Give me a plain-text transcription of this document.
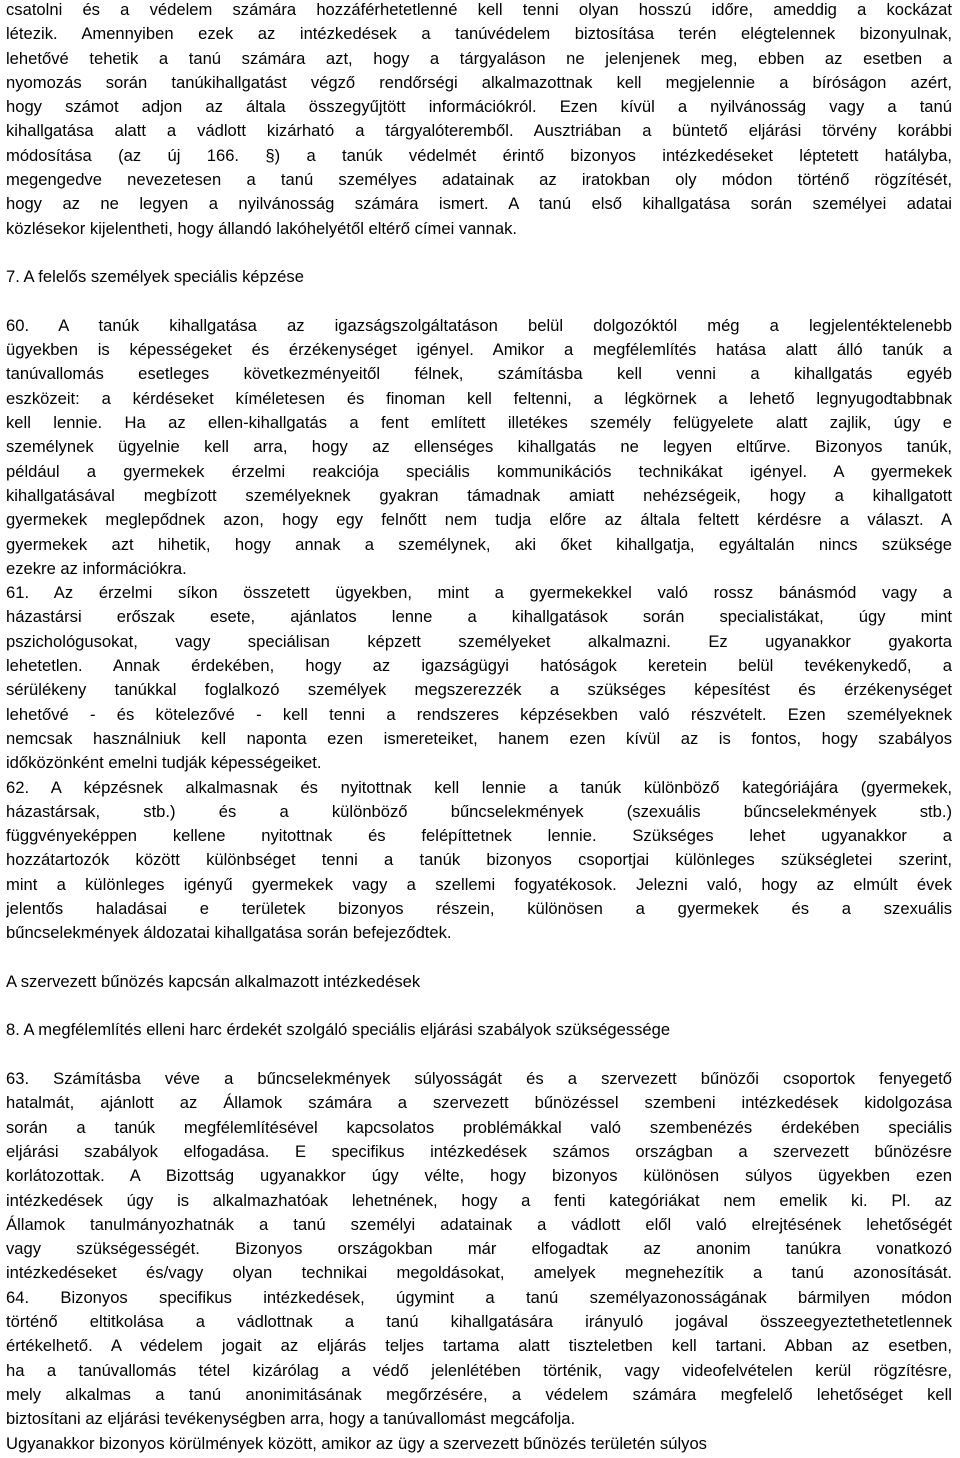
csatolni és a védelem számára hozzáférhetetlenné kell tenni olyan hosszú időre, ameddig a kockázat
létezik. Amennyiben ezek az intézkedések a tanúvédelem biztosítása terén elégtelennek bizonyulnak,
lehetővé tehetik a tanú számára azt, hogy a tárgyaláson ne jelenjenek meg, ebben az esetben a
nyomozás során tanúkihallgatást végző rendőrségi alkalmazottnak kell megjelennie a bíróságon azért,
hogy számot adjon az általa összegyűjtött információkról. Ezen kívül a nyilvánosság vagy a tanú
kihallgatása alatt a vádlott kizárható a tárgyalóteremből. Ausztriában a büntető eljárási törvény korábbi
módosítása (az új 166. §) a tanúk védelmét érintő bizonyos intézkedéseket léptetett hatályba,
megengedve nevezetesen a tanú személyes adatainak az iratokban oly módon történő rögzítését,
hogy az ne legyen a nyilvánosság számára ismert. A tanú első kihallgatása során személyei adatai
közlésekor kijelentheti, hogy állandó lakóhelyétől eltérő címei vannak.
7. A felelős személyek speciális képzése
60. A tanúk kihallgatása az igazságszolgáltatáson belül dolgozóktól még a legjelentéktelenebb
ügyekben is képességeket és érzékenységet igényel. Amikor a megfélemlítés hatása alatt álló tanúk a
tanúvallomás esetleges következményeitől félnek, számításba kell venni a kihallgatás egyéb
eszközeit: a kérdéseket kíméletesen és finoman kell feltenni, a légkörnek a lehető legnyugodtabbnak
kell lennie. Ha az ellen-kihallgatás a fent említett illetékes személy felügyelete alatt zajlik, úgy e
személynek ügyelnie kell arra, hogy az ellenséges kihallgatás ne legyen eltűrve. Bizonyos tanúk,
például a gyermekek érzelmi reakciója speciális kommunikációs technikákat igényel. A gyermekek
kihallgatásával megbízott személyeknek gyakran támadnak amiatt nehézségeik, hogy a kihallgatott
gyermekek meglepődnek azon, hogy egy felnőtt nem tudja előre az általa feltett kérdésre a választ. A
gyermekek azt hihetik, hogy annak a személynek, aki őket kihallgatja, egyáltalán nincs szüksége
ezekre az információkra.
61. Az érzelmi síkon összetett ügyekben, mint a gyermekekkel való rossz bánásmód vagy a
házastársi erőszak esete, ajánlatos lenne a kihallgatások során specialistákat, úgy mint
pszichológusokat, vagy speciálisan képzett személyeket alkalmazni. Ez ugyanakkor gyakorta
lehetetlen. Annak érdekében, hogy az igazságügyi hatóságok keretein belül tevékenykedő, a
sérülékeny tanúkkal foglalkozó személyek megszerezzék a szükséges képesítést és érzékenységet
lehetővé - és kötelezővé - kell tenni a rendszeres képzésekben való részvételt. Ezen személyeknek
nemcsak használniuk kell naponta ezen ismereteiket, hanem ezen kívül az is fontos, hogy szabályos
időközönként emelni tudják képességeiket.
62. A képzésnek alkalmasnak és nyitottnak kell lennie a tanúk különböző kategóriájára (gyermekek,
házastársak, stb.) és a különböző bűncselekmények (szexuális bűncselekmények stb.)
függvényeképpen kellene nyitottnak és felépíttetnek lennie. Szükséges lehet ugyanakkor a
hozzátartozók között különbséget tenni a tanúk bizonyos csoportjai különleges szükségletei szerint,
mint a különleges igényű gyermekek vagy a szellemi fogyatékosok. Jelezni való, hogy az elmúlt évek
jelentős haladásai e területek bizonyos részein, különösen a gyermekek és a szexuális
bűncselekmények áldozatai kihallgatása során befejeződtek.
A szervezett bűnözés kapcsán alkalmazott intézkedések
8. A megfélemlítés elleni harc érdekét szolgáló speciális eljárási szabályok szükségessége
63. Számításba véve a bűncselekmények súlyosságát és a szervezett bűnözői csoportok fenyegető
hatalmát, ajánlott az Államok számára a szervezett bűnözéssel szembeni intézkedések kidolgozása
során a tanúk megfélemlítésével kapcsolatos problémákkal való szembenézés érdekében speciális
eljárási szabályok elfogadása. E specifikus intézkedések számos országban a szervezett bűnözésre
korlátozottak. A Bizottság ugyanakkor úgy vélte, hogy bizonyos különösen súlyos ügyekben ezen
intézkedések úgy is alkalmazhatóak lehetnének, hogy a fenti kategóriákat nem emelik ki. Pl. az
Államok tanulmányozhatnák a tanú személyi adatainak a vádlott elől való elrejtésének lehetőségét
vagy szükségességét. Bizonyos országokban már elfogadtak az anonim tanúkra vonatkozó
intézkedéseket és/vagy olyan technikai megoldásokat, amelyek megnehezítik a tanú azonosítását.
64. Bizonyos specifikus intézkedések, úgymint a tanú személyazonosságának bármilyen módon
történő eltitkolása a vádlottnak a tanú kihallgatására irányuló jogával összeegyeztethetetlennek
értékelhető. A védelem jogait az eljárás teljes tartama alatt tiszteletben kell tartani. Abban az esetben,
ha a tanúvallomás tétel kizárólag a védő jelenlétében történik, vagy videofelvételen kerül rögzítésre,
mely alkalmas a tanú anonimitásának megőrzésére, a védelem számára megfelelő lehetőséget kell
biztosítani az eljárási tevékenységben arra, hogy a tanúvallomást megcáfolja.
Ugyanakkor bizonyos körülmények között, amikor az ügy a szervezett bűnözés területén súlyos
